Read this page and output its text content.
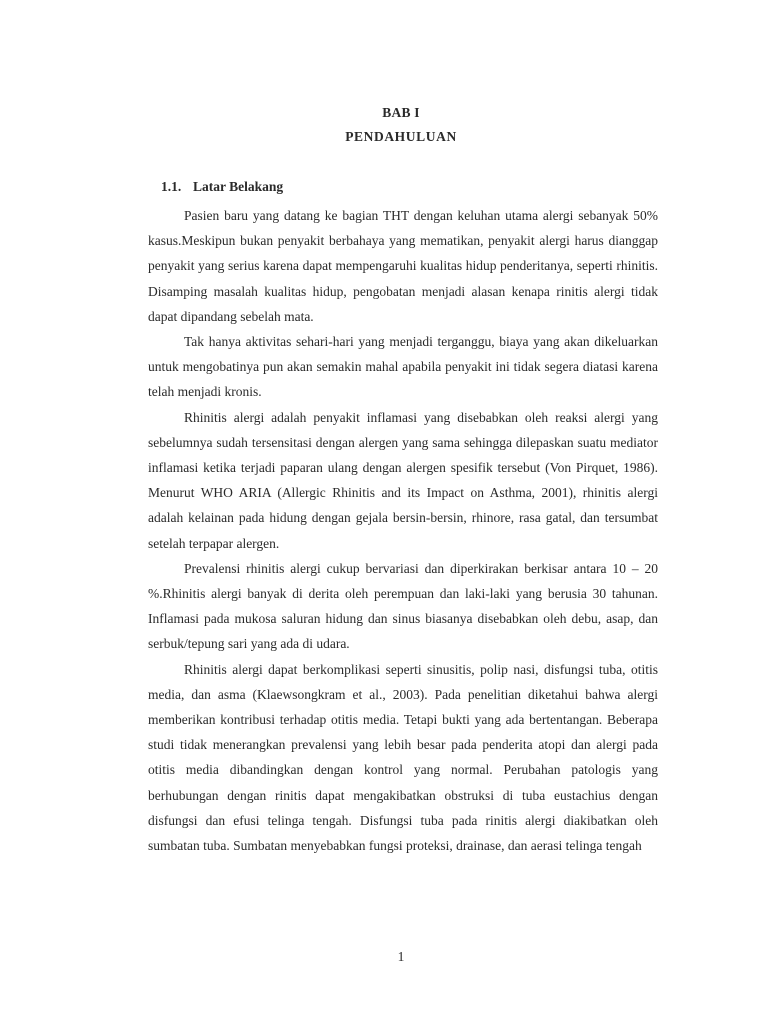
BAB I
PENDAHULUAN
1.1. Latar Belakang

Pasien baru yang datang ke bagian THT dengan keluhan utama alergi sebanyak 50% kasus.Meskipun bukan penyakit berbahaya yang mematikan, penyakit alergi harus dianggap penyakit yang serius karena dapat mempengaruhi kualitas hidup penderitanya, seperti rhinitis. Disamping masalah kualitas hidup, pengobatan menjadi alasan kenapa rinitis alergi tidak dapat dipandang sebelah mata.

Tak hanya aktivitas sehari-hari yang menjadi terganggu, biaya yang akan dikeluarkan untuk mengobatinya pun akan semakin mahal apabila penyakit ini tidak segera diatasi karena telah menjadi kronis.

Rhinitis alergi adalah penyakit inflamasi yang disebabkan oleh reaksi alergi yang sebelumnya sudah tersensitasi dengan alergen yang sama sehingga dilepaskan suatu mediator inflamasi ketika terjadi paparan ulang dengan alergen spesifik tersebut (Von Pirquet, 1986). Menurut WHO ARIA (Allergic Rhinitis and its Impact on Asthma, 2001), rhinitis alergi adalah kelainan pada hidung dengan gejala bersin-bersin, rhinore, rasa gatal, dan tersumbat setelah terpapar alergen.

Prevalensi rhinitis alergi cukup bervariasi dan diperkirakan berkisar antara 10 – 20 %.Rhinitis alergi banyak di derita oleh perempuan dan laki-laki yang berusia 30 tahunan. Inflamasi pada mukosa saluran hidung dan sinus biasanya disebabkan oleh debu, asap, dan serbuk/tepung sari yang ada di udara.

Rhinitis alergi dapat berkomplikasi seperti sinusitis, polip nasi, disfungsi tuba, otitis media, dan asma (Klaewsongkram et al., 2003). Pada penelitian diketahui bahwa alergi memberikan kontribusi terhadap otitis media. Tetapi bukti yang ada bertentangan. Beberapa studi tidak menerangkan prevalensi yang lebih besar pada penderita atopi dan alergi pada otitis media dibandingkan dengan kontrol yang normal. Perubahan patologis yang berhubungan dengan rinitis dapat mengakibatkan obstruksi di tuba eustachius dengan disfungsi dan efusi telinga tengah. Disfungsi tuba pada rinitis alergi diakibatkan oleh sumbatan tuba. Sumbatan menyebabkan fungsi proteksi, drainase, dan aerasi telinga tengah

1
